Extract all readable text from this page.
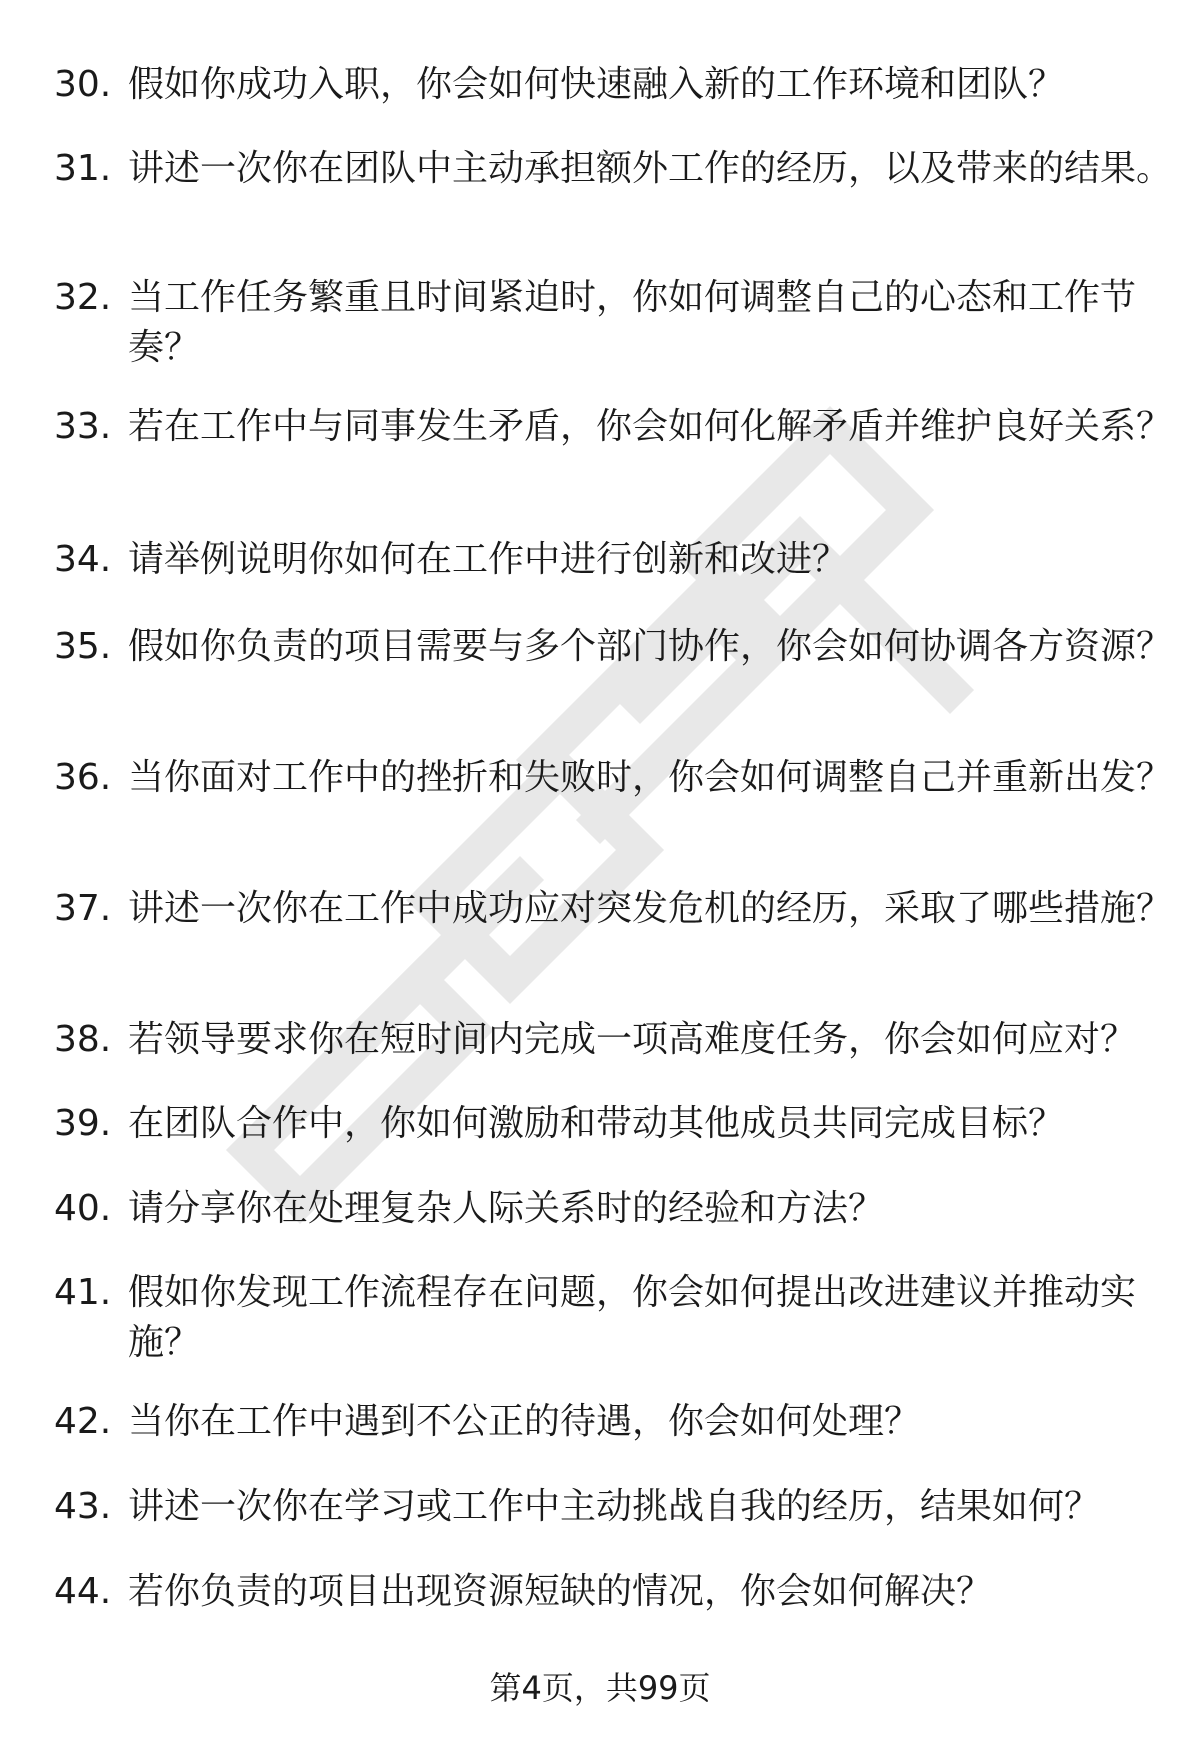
30. 假如你成功入职，你会如何快速融入新的工作环境和团队？
31. 讲述一次你在团队中主动承担额外工作的经历，以及带来的结果。
32. 当工作任务繁重且时间紧迫时，你如何调整自己的心态和工作节奏？
33. 若在工作中与同事发生矛盾，你会如何化解矛盾并维护良好关系？
34. 请举例说明你如何在工作中进行创新和改进？
35. 假如你负责的项目需要与多个部门协作，你会如何协调各方资源？
36. 当你面对工作中的挫折和失败时，你会如何调整自己并重新出发？
37. 讲述一次你在工作中成功应对突发危机的经历，采取了哪些措施？
38. 若领导要求你在短时间内完成一项高难度任务，你会如何应对？
39. 在团队合作中，你如何激励和带动其他成员共同完成目标？
40. 请分享你在处理复杂人际关系时的经验和方法？
41. 假如你发现工作流程存在问题，你会如何提出改进建议并推动实施？
42. 当你在工作中遇到不公正的待遇，你会如何处理？
43. 讲述一次你在学习或工作中主动挑战自我的经历，结果如何？
44. 若你负责的项目出现资源短缺的情况，你会如何解决？
第4页，共99页
